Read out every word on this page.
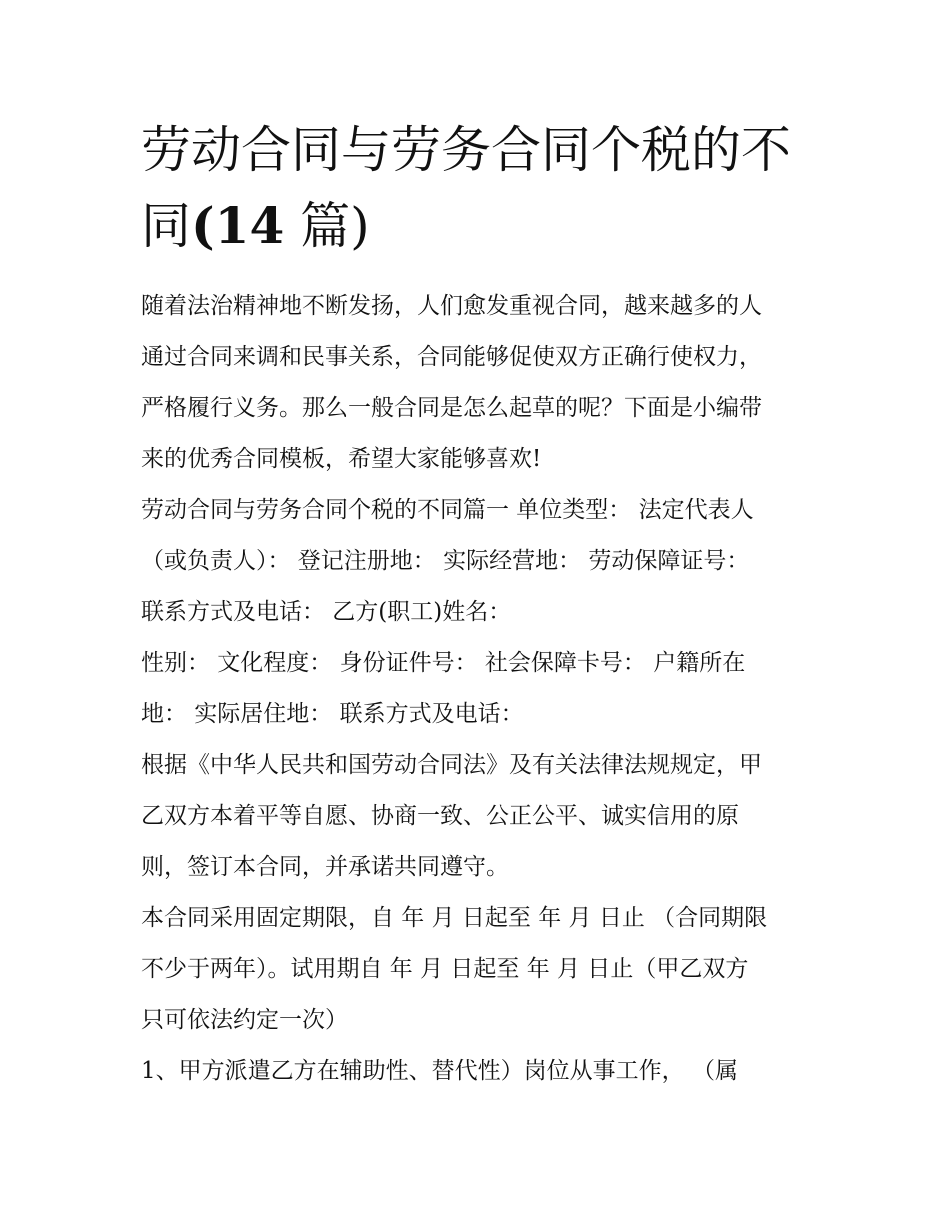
劳动合同与劳务合同个税的不
同(14 篇)
随着法治精神地不断发扬，人们愈发重视合同，越来越多的人
通过合同来调和民事关系，合同能够促使双方正确行使权力，
严格履行义务。那么一般合同是怎么起草的呢？下面是小编带
来的优秀合同模板，希望大家能够喜欢!
劳动合同与劳务合同个税的不同篇一 单位类型： 法定代表人
（或负责人）： 登记注册地： 实际经营地： 劳动保障证号：
联系方式及电话： 乙方(职工)姓名：
性别： 文化程度： 身份证件号： 社会保障卡号： 户籍所在
地： 实际居住地： 联系方式及电话：
根据《中华人民共和国劳动合同法》及有关法律法规规定，甲
乙双方本着平等自愿、协商一致、公正公平、诚实信用的原
则，签订本合同，并承诺共同遵守。
本合同采用固定期限，自 年 月 日起至 年 月 日止 （合同期限
不少于两年）。试用期自 年 月 日起至 年 月 日止（甲乙双方
只可依法约定一次）
1、甲方派遣乙方在辅助性、替代性）岗位从事工作， （属
